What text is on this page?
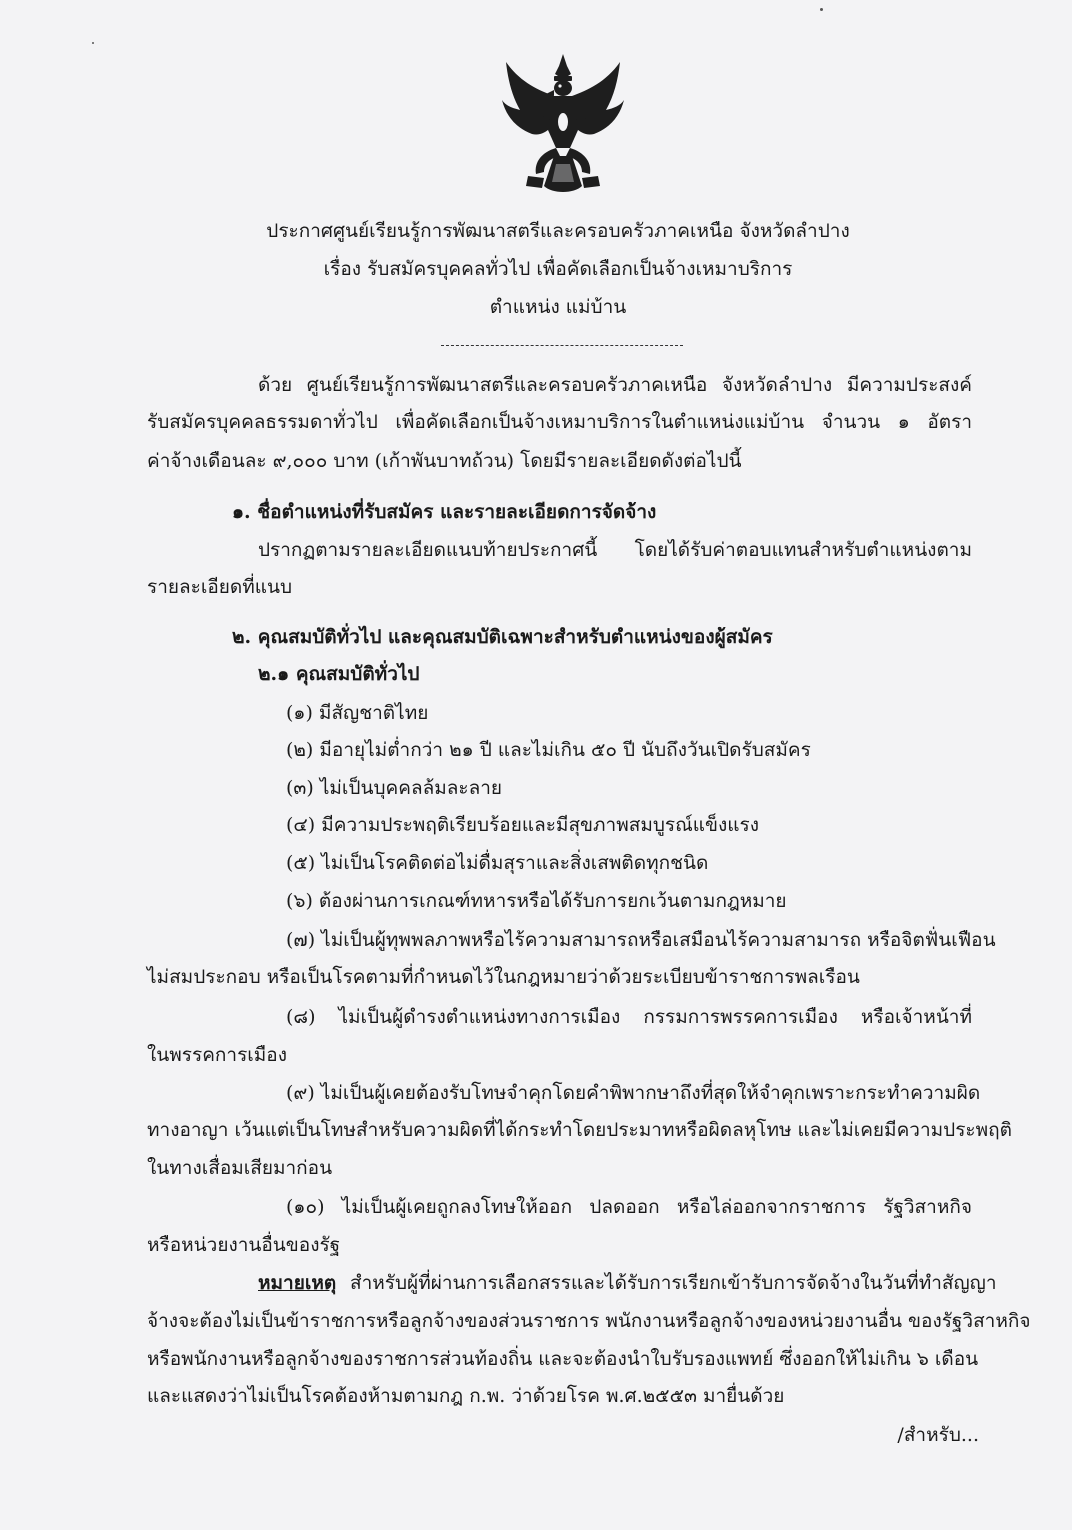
ประกาศศูนย์เรียนรู้การพัฒนาสตรีและครอบครัวภาคเหนือ จังหวัดลำปาง
เรื่อง รับสมัครบุคคลทั่วไป เพื่อคัดเลือกเป็นจ้างเหมาบริการ
ตำแหน่ง แม่บ้าน
ด้วย ศูนย์เรียนรู้การพัฒนาสตรีและครอบครัวภาคเหนือ จังหวัดลำปาง มีความประสงค์
รับสมัครบุคคลธรรมดาทั่วไป เพื่อคัดเลือกเป็นจ้างเหมาบริการในตำแหน่งแม่บ้าน จำนวน ๑ อัตรา
ค่าจ้างเดือนละ ๙,๐๐๐ บาท (เก้าพันบาทถ้วน) โดยมีรายละเอียดดังต่อไปนี้
๑. ชื่อตำแหน่งที่รับสมัคร และรายละเอียดการจัดจ้าง
ปรากฏตามรายละเอียดแนบท้ายประกาศนี้ โดยได้รับค่าตอบแทนสำหรับตำแหน่งตาม
รายละเอียดที่แนบ
๒. คุณสมบัติทั่วไป และคุณสมบัติเฉพาะสำหรับตำแหน่งของผู้สมัคร
๒.๑ คุณสมบัติทั่วไป
(๑) มีสัญชาติไทย
(๒) มีอายุไม่ต่ำกว่า ๒๑ ปี และไม่เกิน ๕๐ ปี นับถึงวันเปิดรับสมัคร
(๓) ไม่เป็นบุคคลล้มละลาย
(๔) มีความประพฤติเรียบร้อยและมีสุขภาพสมบูรณ์แข็งแรง
(๕) ไม่เป็นโรคติดต่อไม่ดื่มสุราและสิ่งเสพติดทุกชนิด
(๖) ต้องผ่านการเกณฑ์ทหารหรือได้รับการยกเว้นตามกฎหมาย
(๗) ไม่เป็นผู้ทุพพลภาพหรือไร้ความสามารถหรือเสมือนไร้ความสามารถ หรือจิตฟั่นเฟือน
ไม่สมประกอบ หรือเป็นโรคตามที่กำหนดไว้ในกฎหมายว่าด้วยระเบียบข้าราชการพลเรือน
(๘) ไม่เป็นผู้ดำรงตำแหน่งทางการเมือง กรรมการพรรคการเมือง หรือเจ้าหน้าที่
ในพรรคการเมือง
(๙) ไม่เป็นผู้เคยต้องรับโทษจำคุกโดยคำพิพากษาถึงที่สุดให้จำคุกเพราะกระทำความผิด
ทางอาญา เว้นแต่เป็นโทษสำหรับความผิดที่ได้กระทำโดยประมาทหรือผิดลหุโทษ และไม่เคยมีความประพฤติ
ในทางเสื่อมเสียมาก่อน
(๑๐) ไม่เป็นผู้เคยถูกลงโทษให้ออก ปลดออก หรือไล่ออกจากราชการ รัฐวิสาหกิจ
หรือหน่วยงานอื่นของรัฐ
หมายเหตุ สำหรับผู้ที่ผ่านการเลือกสรรและได้รับการเรียกเข้ารับการจัดจ้างในวันที่ทำสัญญา
จ้างจะต้องไม่เป็นข้าราชการหรือลูกจ้างของส่วนราชการ พนักงานหรือลูกจ้างของหน่วยงานอื่น ของรัฐวิสาหกิจ
หรือพนักงานหรือลูกจ้างของราชการส่วนท้องถิ่น และจะต้องนำใบรับรองแพทย์ ซึ่งออกให้ไม่เกิน ๖ เดือน
และแสดงว่าไม่เป็นโรคต้องห้ามตามกฎ ก.พ. ว่าด้วยโรค พ.ศ.๒๕๕๓ มายื่นด้วย
/สำหรับ...
